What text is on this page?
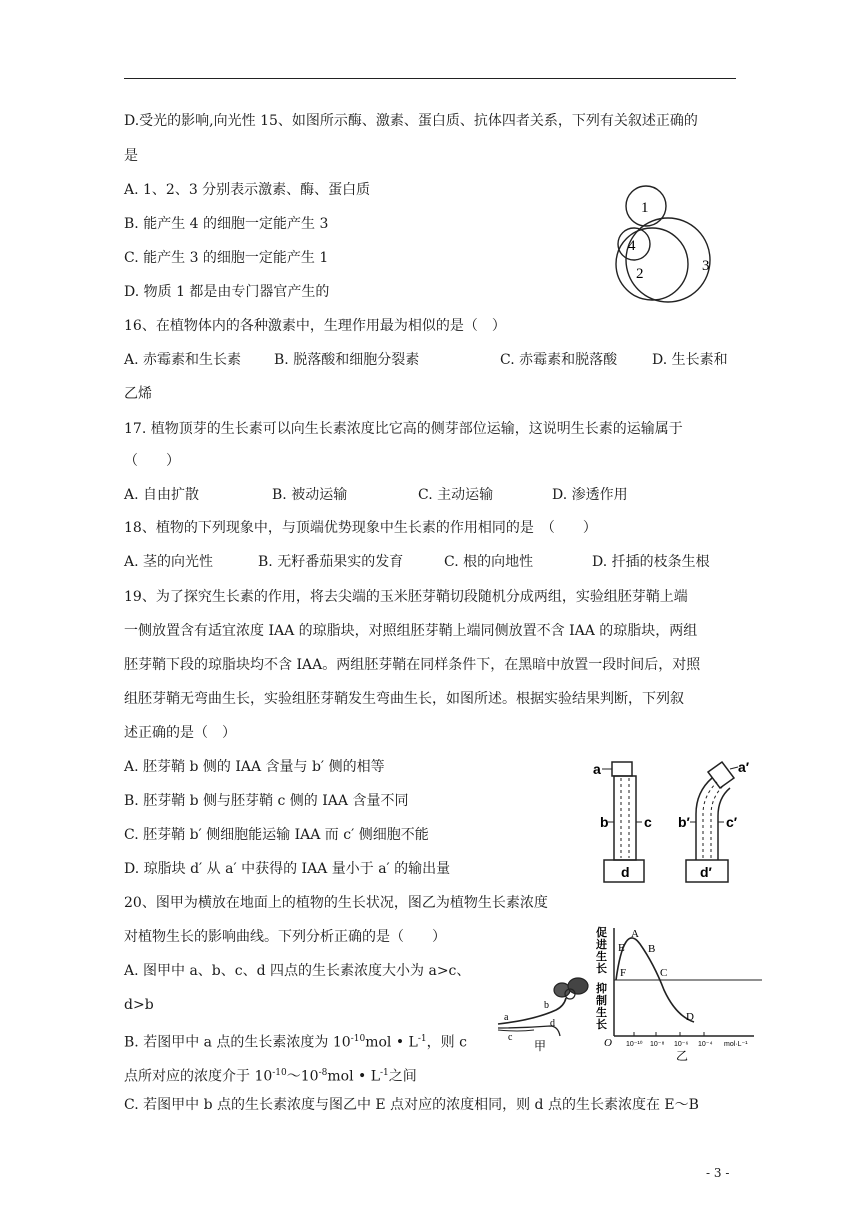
D.受光的影响,向光性 15、如图所示酶、激素、蛋白质、抗体四者关系，下列有关叙述正确的
是
A. 1、2、3 分别表示激素、酶、蛋白质
B. 能产生 4 的细胞一定能产生 3
C. 能产生 3 的细胞一定能产生 1
D. 物质 1 都是由专门器官产生的
1
4
2	3
16、在植物体内的各种激素中，生理作用最为相似的是（　）
A. 赤霉素和生长素 B. 脱落酸和细胞分裂素	C. 赤霉素和脱落酸 D. 生长素和
乙烯
17. 植物顶芽的生长素可以向生长素浓度比它高的侧芽部位运输，这说明生长素的运输属于
（　　）
A. 自由扩散	B. 被动运输	C. 主动运输	D. 渗透作用
18、植物的下列现象中，与顶端优势现象中生长素的作用相同的是　（　　）
A. 茎的向光性	B. 无籽番茄果实的发育	C. 根的向地性	D. 扦插的枝条生根
19、为了探究生长素的作用，将去尖端的玉米胚芽鞘切段随机分成两组，实验组胚芽鞘上端
一侧放置含有适宜浓度 IAA 的琼脂块，对照组胚芽鞘上端同侧放置不含 IAA 的琼脂块，两组
胚芽鞘下段的琼脂块均不含 IAA。两组胚芽鞘在同样条件下，在黑暗中放置一段时间后，对照
组胚芽鞘无弯曲生长，实验组胚芽鞘发生弯曲生长，如图所述。根据实验结果判断，下列叙
述正确的是（　）
A. 胚芽鞘 b 侧的 IAA 含量与 b′ 侧的相等
B. 胚芽鞘 b 侧与胚芽鞘 c 侧的 IAA 含量不同
C. 胚芽鞘 b′ 侧细胞能运输 IAA 而 c′ 侧细胞不能
D. 琼脂块 d′ 从 a′ 中获得的 IAA 量小于 a′ 的输出量
a
b	c
d
a′
b′	c′
d′
20、图甲为横放在地面上的植物的生长状况，图乙为植物生长素浓度
对植物生长的影响曲线。下列分析正确的是（　　）
A. 图甲中 a、b、c、d 四点的生长素浓度大小为 a>c、
d>b
B. 若图甲中 a 点的生长素浓度为 $10^{-10}mol$ • $L^{-1}$，则 c
点所对应的浓度介于 $10^{-10}\sim 10^{-8}mol$ • $L^{-1}$之间
C. 若图甲中 b 点的生长素浓度与图乙中 E 点对应的浓度相同，则 d 点的生长素浓度在 E～B
a
b
c
d
甲
促
进
生
长
抑
制
生
长
A
E B
F	C
D
O 10⁻¹⁰ 10⁻⁸ 10⁻⁶ 10⁻⁴ mol·L⁻¹
乙
- 3 -
